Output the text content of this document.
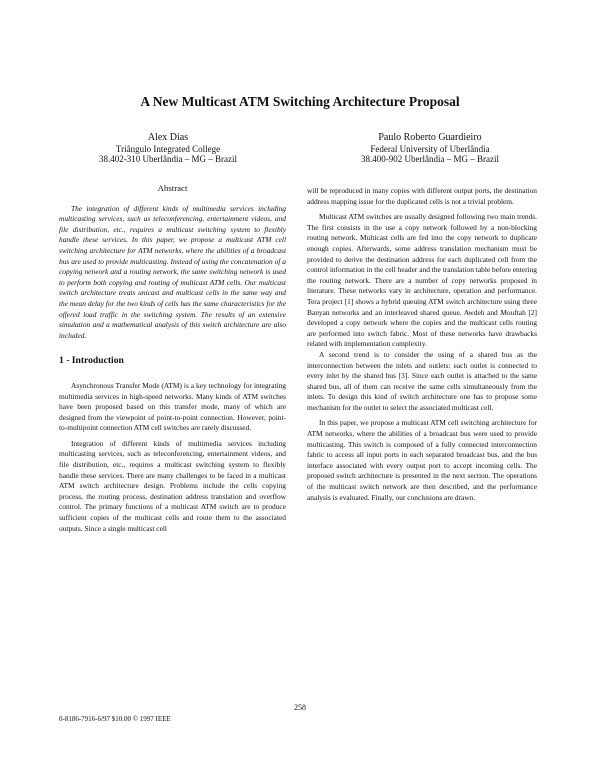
A New Multicast ATM Switching Architecture Proposal
Alex Dias
Triângulo Integrated College
38.402-310 Uberlândia – MG – Brazil
Paulo Roberto Guardieiro
Federal University of Uberlândia
38.400-902 Uberlândia – MG – Brazil
Abstract

The integration of different kinds of multimedia services including multicasting services, such as teleconferencing, entertainment videos, and file distribution, etc., requires a multicast switching system to flexibly handle these services. In this paper, we propose a multicast ATM cell switching architecture for ATM networks, where the abilities of a broadcast bus are used to provide multicasting. Instead of using the concatenation of a copying network and a routing network, the same switching network is used to perform both copying and routing of multicast ATM cells. Our multicast switch architecture treats unicast and multicast cells in the same way and the mean delay for the two kinds of cells has the same characteristics for the offered load traffic in the switching system. The results of an extensive simulation and a mathematical analysis of this switch architecture are also included.

1 - Introduction

Asynchronous Transfer Mode (ATM) is a key technology for integrating multimedia services in high-speed networks. Many kinds of ATM switches have been proposed based on this transfer mode, many of which are designed from the viewpoint of point-to-point connection. However, point-to-multipoint connection ATM cell switches are rarely discussed.

Integration of different kinds of multimedia services including multicasting services, such as teleconferencing, entertainment videos, and file distribution, etc., requires a multicast switching system to flexibly handle these services. There are many challenges to be faced in a multicast ATM switch architecture design. Problems include the cells copying process, the routing process, destination address translation and overflow control. The primary functions of a multicast ATM switch are to produce sufficient copies of the multicast cells and route them to the associated outputs. Since a single multicast cell

will be reproduced in many copies with different output ports, the destination address mapping issue for the duplicated cells is not a trivial problem.

Multicast ATM switches are usually designed following two main trends. The first consists in the use a copy network followed by a non-blocking routing network. Multicast cells are fed into the copy network to duplicate enough copies. Afterwards, some address translation mechanism must be provided to derive the destination address for each duplicated cell from the control information in the cell header and the translation table before entering the routing network. There are a number of copy networks proposed in literature. These networks vary in architecture, operation and performance. Tera project [1] shows a hybrid queuing ATM switch architecture using three Banyan networks and an interleaved shared queue. Awdeh and Mouftah [2] developed a copy network where the copies and the multicast cells routing are performed into switch fabric. Most of these networks have drawbacks related with implementation complexity.

A second trend is to consider the using of a shared bus as the interconnection between the inlets and outlets: each outlet is connected to every inlet by the shared bus [3]. Since each outlet is attached to the same shared bus, all of them can receive the same cells simultaneously from the inlets. To design this kind of switch architecture one has to propose some mechanism for the outlet to select the associated multicast cell.

In this paper, we propose a multicast ATM cell switching architecture for ATM networks, where the abilities of a broadcast bus were used to provide multicasting. This switch is composed of a fully connected interconnection fabric to access all input ports in each separated broadcast bus, and the bus interface associated with every output port to accept incoming cells. The proposed switch architecture is presented in the next section. The operations of the multicast switch network are then described, and the performance analysis is evaluated. Finally, our conclusions are drawn.

258
0-8186-7916-6/97 $10.00 © 1997 IEEE
